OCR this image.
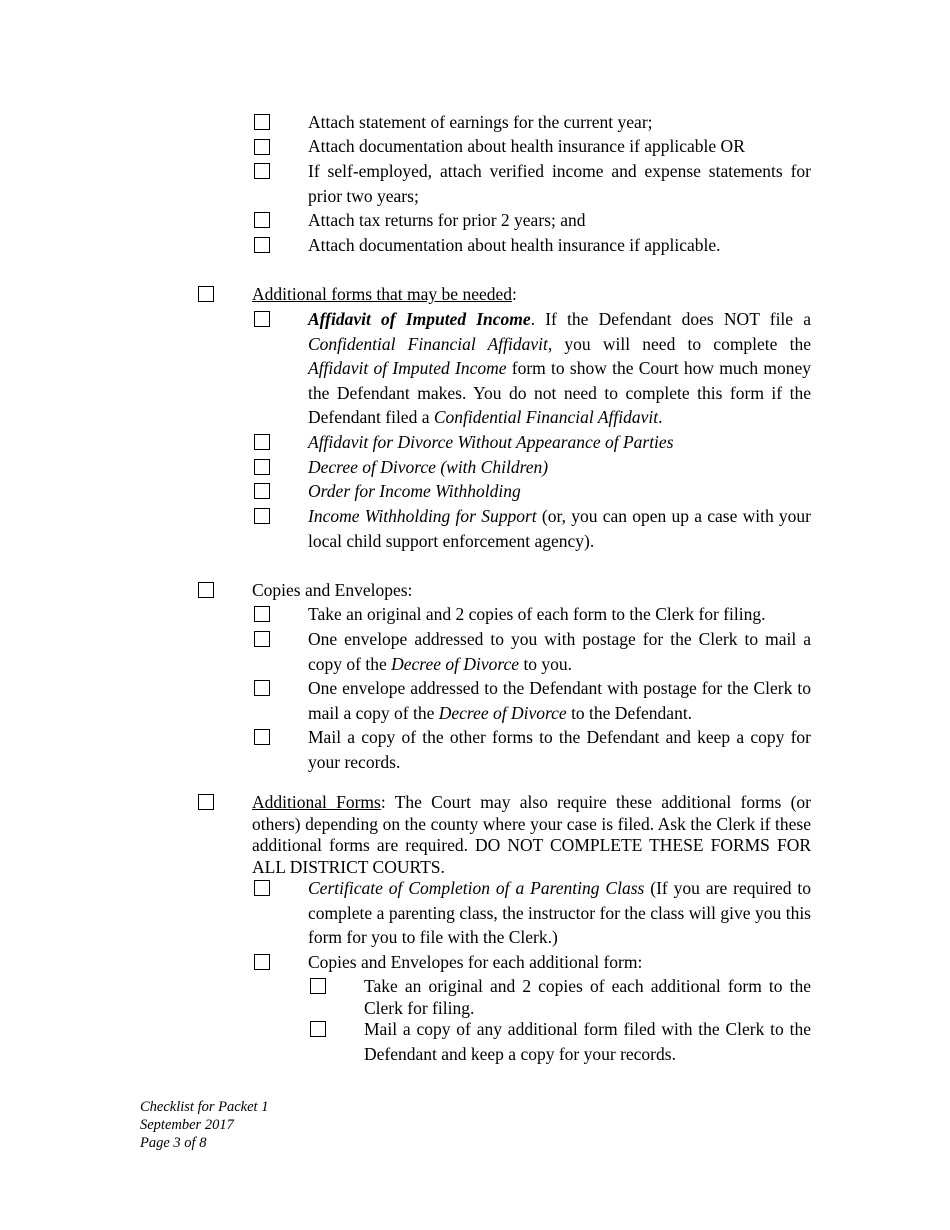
Attach statement of earnings for the current year;
Attach documentation about health insurance if applicable OR
If self-employed, attach verified income and expense statements for prior two years;
Attach tax returns for prior 2 years; and
Attach documentation about health insurance if applicable.
Additional forms that may be needed:
Affidavit of Imputed Income. If the Defendant does NOT file a Confidential Financial Affidavit, you will need to complete the Affidavit of Imputed Income form to show the Court how much money the Defendant makes. You do not need to complete this form if the Defendant filed a Confidential Financial Affidavit.
Affidavit for Divorce Without Appearance of Parties
Decree of Divorce (with Children)
Order for Income Withholding
Income Withholding for Support (or, you can open up a case with your local child support enforcement agency).
Copies and Envelopes:
Take an original and 2 copies of each form to the Clerk for filing.
One envelope addressed to you with postage for the Clerk to mail a copy of the Decree of Divorce to you.
One envelope addressed to the Defendant with postage for the Clerk to mail a copy of the Decree of Divorce to the Defendant.
Mail a copy of the other forms to the Defendant and keep a copy for your records.
Additional Forms: The Court may also require these additional forms (or others) depending on the county where your case is filed. Ask the Clerk if these additional forms are required. DO NOT COMPLETE THESE FORMS FOR ALL DISTRICT COURTS.
Certificate of Completion of a Parenting Class (If you are required to complete a parenting class, the instructor for the class will give you this form for you to file with the Clerk.)
Copies and Envelopes for each additional form:
Take an original and 2 copies of each additional form to the Clerk for filing.
Mail a copy of any additional form filed with the Clerk to the Defendant and keep a copy for your records.
Checklist for Packet 1
September 2017
Page 3 of 8
